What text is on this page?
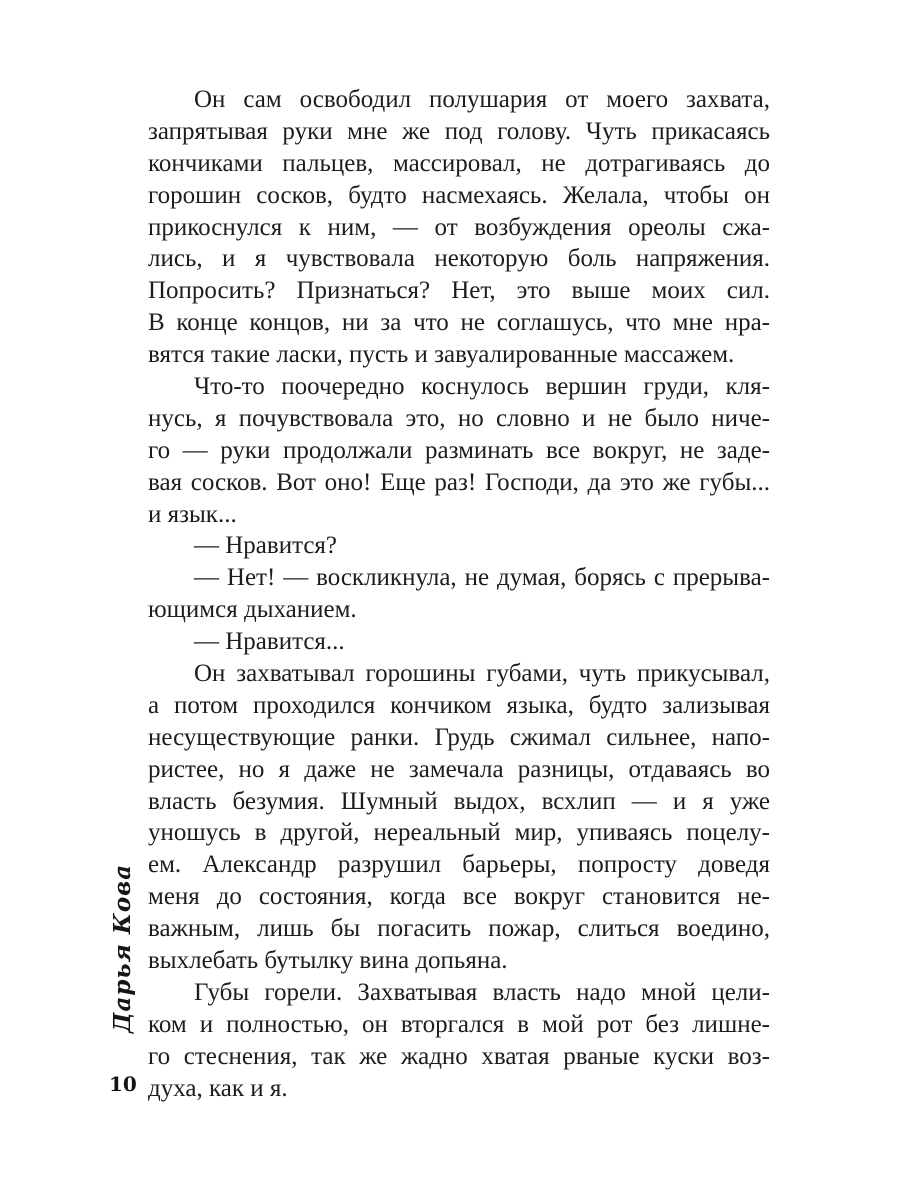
Он сам освободил полушария от моего захвата,
запрятывая руки мне же под голову. Чуть прикасаясь
кончиками пальцев, массировал, не дотрагиваясь до
горошин сосков, будто насмехаясь. Желала, чтобы он
прикоснулся к ним, — от возбуждения ореолы сжа-
лись, и я чувствовала некоторую боль напряжения.
Попросить? Признаться? Нет, это выше моих сил.
В конце концов, ни за что не соглашусь, что мне нра-
вятся такие ласки, пусть и завуалированные массажем.
Что-то поочередно коснулось вершин груди, кля-
нусь, я почувствовала это, но словно и не было ниче-
го — руки продолжали разминать все вокруг, не заде-
вая сосков. Вот оно! Еще раз! Господи, да это же губы...
и язык...
— Нравится?
— Нет! — воскликнула, не думая, борясь с прерыва-
ющимся дыханием.
— Нравится...
Он захватывал горошины губами, чуть прикусывал,
а потом проходился кончиком языка, будто зализывая
несуществующие ранки. Грудь сжимал сильнее, напо-
ристее, но я даже не замечала разницы, отдаваясь во
власть безумия. Шумный выдох, всхлип — и я уже
уношусь в другой, нереальный мир, упиваясь поцелу-
ем. Александр разрушил барьеры, попросту доведя
меня до состояния, когда все вокруг становится не-
важным, лишь бы погасить пожар, слиться воедино,
выхлебать бутылку вина допьяна.
Губы горели. Захватывая власть надо мной цели-
ком и полностью, он вторгался в мой рот без лишне-
го стеснения, так же жадно хватая рваные куски воз-
духа, как и я.
Дарья Кова
10
